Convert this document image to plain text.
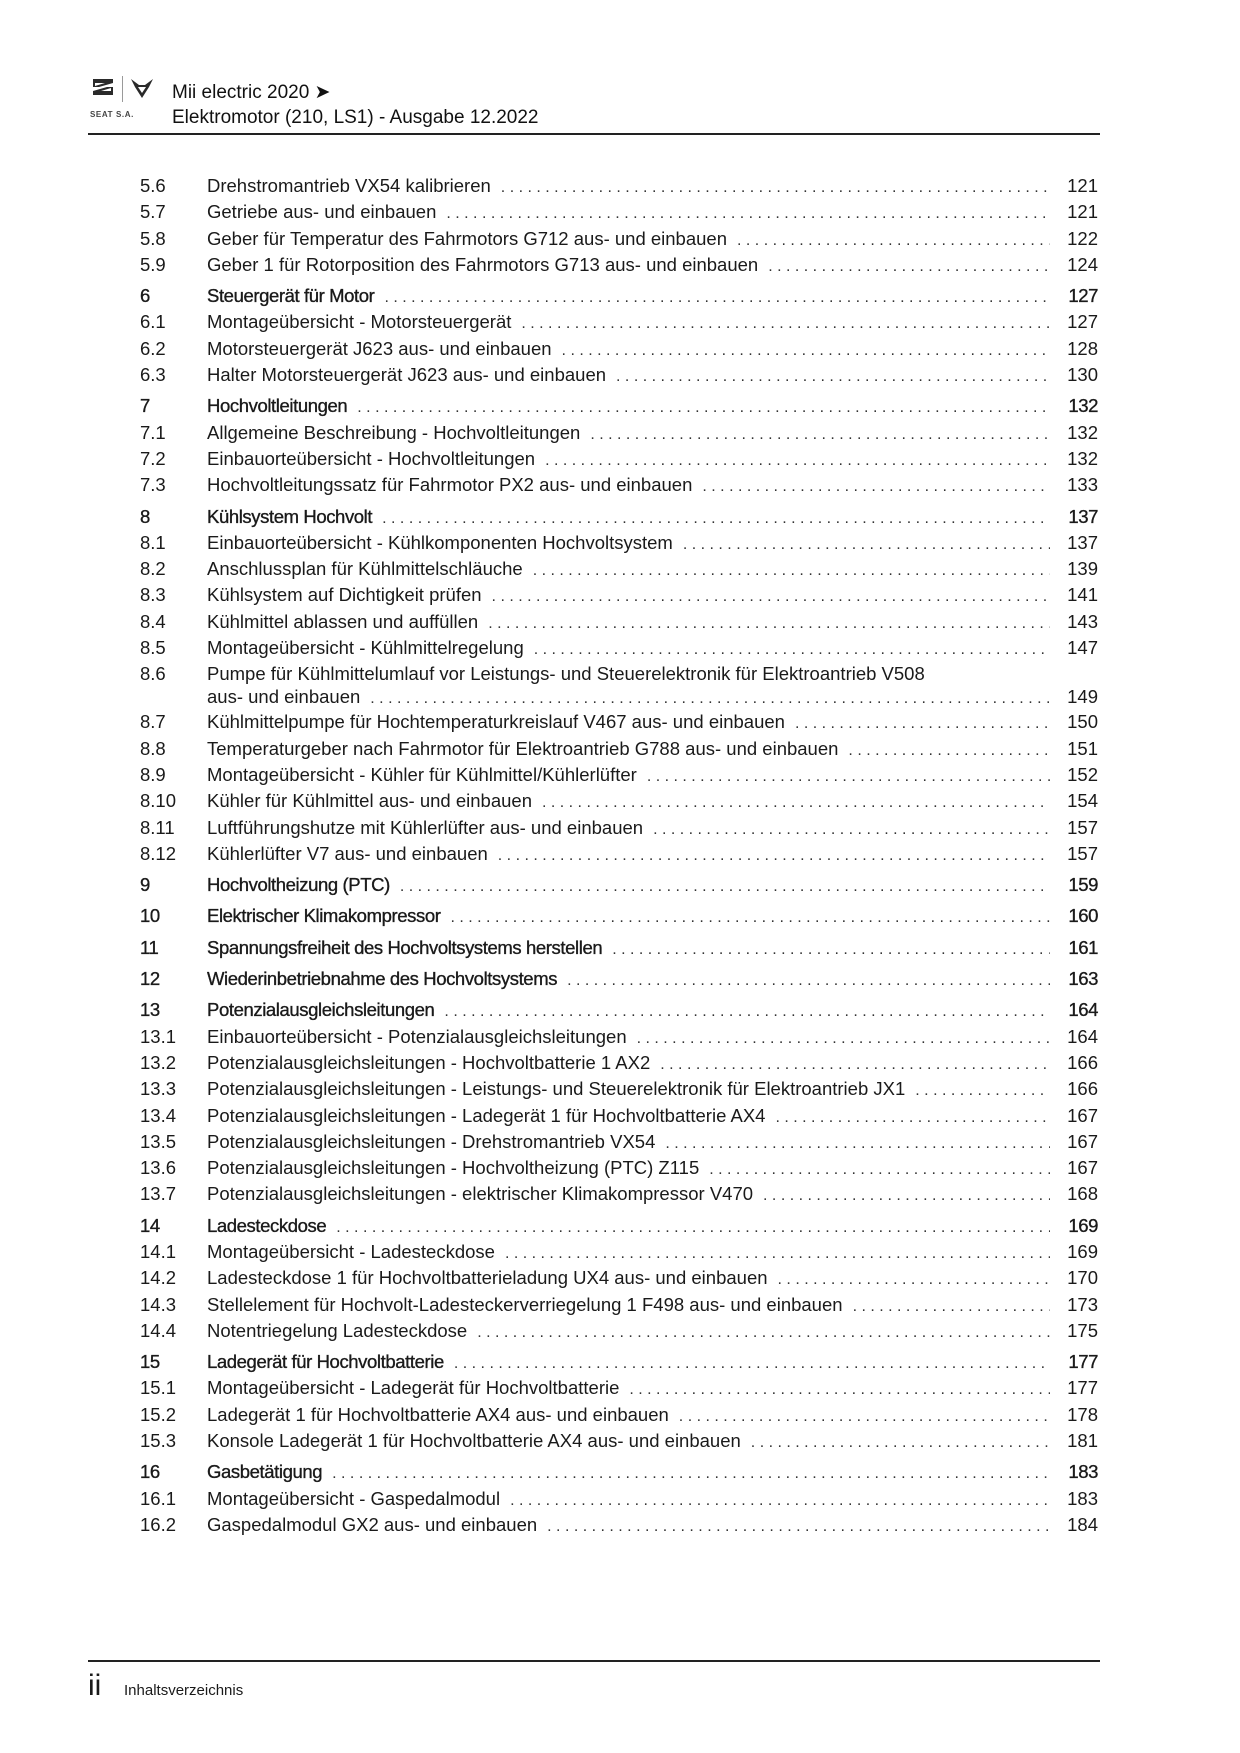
SEAT S.A.
Mii electric 2020 ➤
Elektromotor (210, LS1) - Ausgabe 12.2022
5.6	Drehstromantrieb VX54 kalibrieren . . .	121
5.7	Getriebe aus- und einbauen . . .	121
5.8	Geber für Temperatur des Fahrmotors G712 aus- und einbauen . . .	122
5.9	Geber 1 für Rotorposition des Fahrmotors G713 aus- und einbauen . . .	124
6	Steuergerät für Motor . . .	127
6.1	Montageübersicht - Motorsteuergerät . . .	127
6.2	Motorsteuergerät J623 aus- und einbauen . . .	128
6.3	Halter Motorsteuergerät J623 aus- und einbauen . . .	130
7	Hochvoltleitungen . . .	132
7.1	Allgemeine Beschreibung - Hochvoltleitungen . . .	132
7.2	Einbauorteübersicht - Hochvoltleitungen . . .	132
7.3	Hochvoltleitungssatz für Fahrmotor PX2 aus- und einbauen . . .	133
8	Kühlsystem Hochvolt . . .	137
8.1	Einbauorteübersicht - Kühlkomponenten Hochvoltsystem . . .	137
8.2	Anschlussplan für Kühlmittelschläuche . . .	139
8.3	Kühlsystem auf Dichtigkeit prüfen . . .	141
8.4	Kühlmittel ablassen und auffüllen . . .	143
8.5	Montageübersicht - Kühlmittelregelung . . .	147
8.6	Pumpe für Kühlmittelumlauf vor Leistungs- und Steuerelektronik für Elektroantrieb V508
aus- und einbauen . . .	149
8.7	Kühlmittelpumpe für Hochtemperaturkreislauf V467 aus- und einbauen . . .	150
8.8	Temperaturgeber nach Fahrmotor für Elektroantrieb G788 aus- und einbauen . . .	151
8.9	Montageübersicht - Kühler für Kühlmittel/Kühlerlüfter . . .	152
8.10	Kühler für Kühlmittel aus- und einbauen . . .	154
8.11	Luftführungshutze mit Kühlerlüfter aus- und einbauen . . .	157
8.12	Kühlerlüfter V7 aus- und einbauen . . .	157
9	Hochvoltheizung (PTC) . . .	159
10	Elektrischer Klimakompressor . . .	160
11	Spannungsfreiheit des Hochvoltsystems herstellen . . .	161
12	Wiederinbetriebnahme des Hochvoltsystems . . .	163
13	Potenzialausgleichsleitungen . . .	164
13.1	Einbauorteübersicht - Potenzialausgleichsleitungen . . .	164
13.2	Potenzialausgleichsleitungen - Hochvoltbatterie 1 AX2 . . .	166
13.3	Potenzialausgleichsleitungen - Leistungs- und Steuerelektronik für Elektroantrieb JX1 . . .	166
13.4	Potenzialausgleichsleitungen - Ladegerät 1 für Hochvoltbatterie AX4 . . .	167
13.5	Potenzialausgleichsleitungen - Drehstromantrieb VX54 . . .	167
13.6	Potenzialausgleichsleitungen - Hochvoltheizung (PTC) Z115 . . .	167
13.7	Potenzialausgleichsleitungen - elektrischer Klimakompressor V470 . . .	168
14	Ladesteckdose . . .	169
14.1	Montageübersicht - Ladesteckdose . . .	169
14.2	Ladesteckdose 1 für Hochvoltbatterieladung UX4 aus- und einbauen . . .	170
14.3	Stellelement für Hochvolt-Ladesteckerverriegelung 1 F498 aus- und einbauen . . .	173
14.4	Notentriegelung Ladesteckdose . . .	175
15	Ladegerät für Hochvoltbatterie . . .	177
15.1	Montageübersicht - Ladegerät für Hochvoltbatterie . . .	177
15.2	Ladegerät 1 für Hochvoltbatterie AX4 aus- und einbauen . . .	178
15.3	Konsole Ladegerät 1 für Hochvoltbatterie AX4 aus- und einbauen . . .	181
16	Gasbetätigung . . .	183
16.1	Montageübersicht - Gaspedalmodul . . .	183
16.2	Gaspedalmodul GX2 aus- und einbauen . . .	184
ii Inhaltsverzeichnis
